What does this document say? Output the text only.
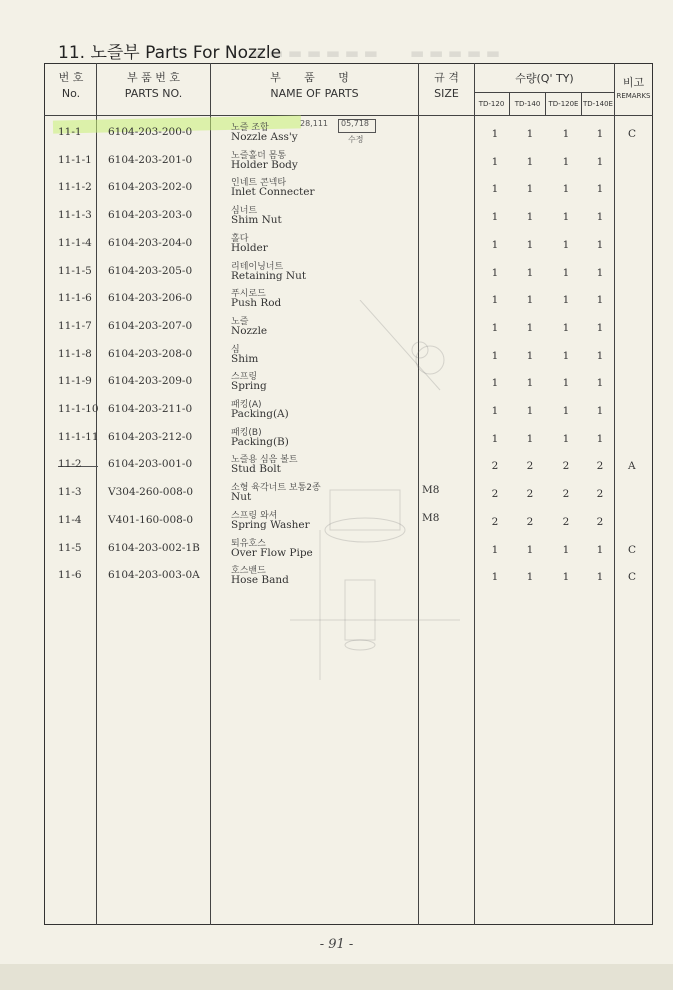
▬ ▬ ▬ ▬ ▬ ▬ ▬ ▬ ▬ ▬ ▬ ▬
11. 노즐부 Parts For Nozzle
번 호
No.
부 품 번 호
PARTS NO.
부 품 명
NAME OF PARTS
규 격
SIZE
수량(Q' TY)
TD-120	TD-140	TD-120E TD-140E
비고
REMARKS
28,111 05,718
수정
11-1	6104-203-200-0	노즐 조합
Nozzle Ass'y	1	1	1	1	C
11-1-1 6104-203-201-0	노즐홀더 몸통
Holder Body	1	1	1	1
11-1-2 6104-203-202-0	인네트 콘넥타
Inlet Connecter	1	1	1	1
11-1-3 6104-203-203-0	심너트
Shim Nut	1	1	1	1
11-1-4 6104-203-204-0	홀다
Holder	1	1	1	1
11-1-5 6104-203-205-0	리테이닝너트
Retaining Nut	1	1	1	1
11-1-6 6104-203-206-0	푸시로드
Push Rod	1	1	1	1
11-1-7 6104-203-207-0	노즐
Nozzle	1	1	1	1
11-1-8 6104-203-208-0	심
Shim	1	1	1	1
11-1-9 6104-203-209-0	스프링
Spring	1	1	1	1
11-1-10 6104-203-211-0	패킹(A)
Packing(A)	1	1	1	1
11-1-11 6104-203-212-0	패킹(B)
Packing(B)	1	1	1	1
11-2	6104-203-001-0	노즐용 심음 볼트
Stud Bolt	2	2	2	2	A
11-3	V304-260-008-0	소형 육각너트 보통2종
Nut
M8	2	2	2	2
11-4	V401-160-008-0	스프링 와셔
Spring Washer
M8	2	2	2	2
11-5	6104-203-002-1B	퇴유호스
Over Flow Pipe	1	1	1	1	C
11-6	6104-203-003-0A	호스밴드
Hose Band	1	1	1	1	C
- 91 -
